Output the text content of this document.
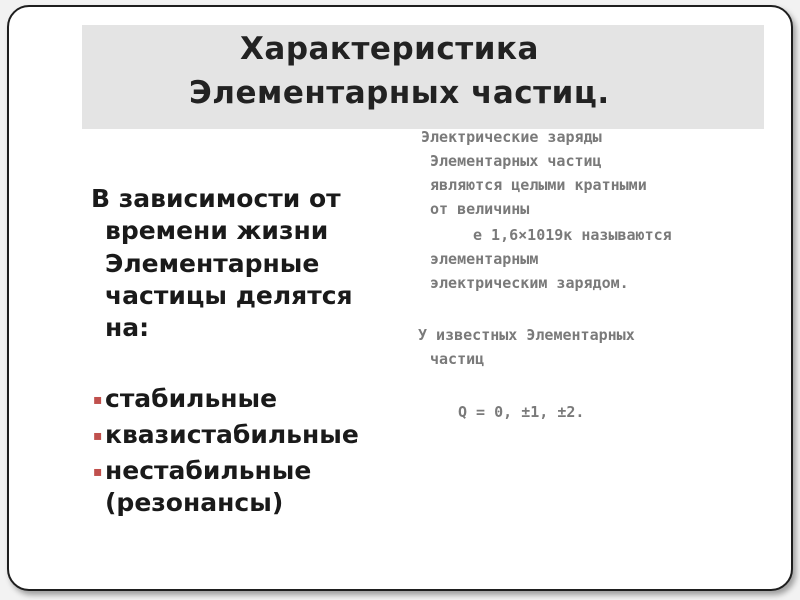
Характеристика
Элементарных частиц.
В зависимости от
времени жизни
Элементарные
частицы делятся
на:
▪ стабильные
▪ квазистабильные
▪ нестабильные
(резонансы)
Электрические заряды
Элементарных частиц
являются целыми кратными
от величины
е 1,6×1019к называются
элементарным
электрическим зарядом.
У известных Элементарных
частиц
Q = 0, ±1, ±2.
